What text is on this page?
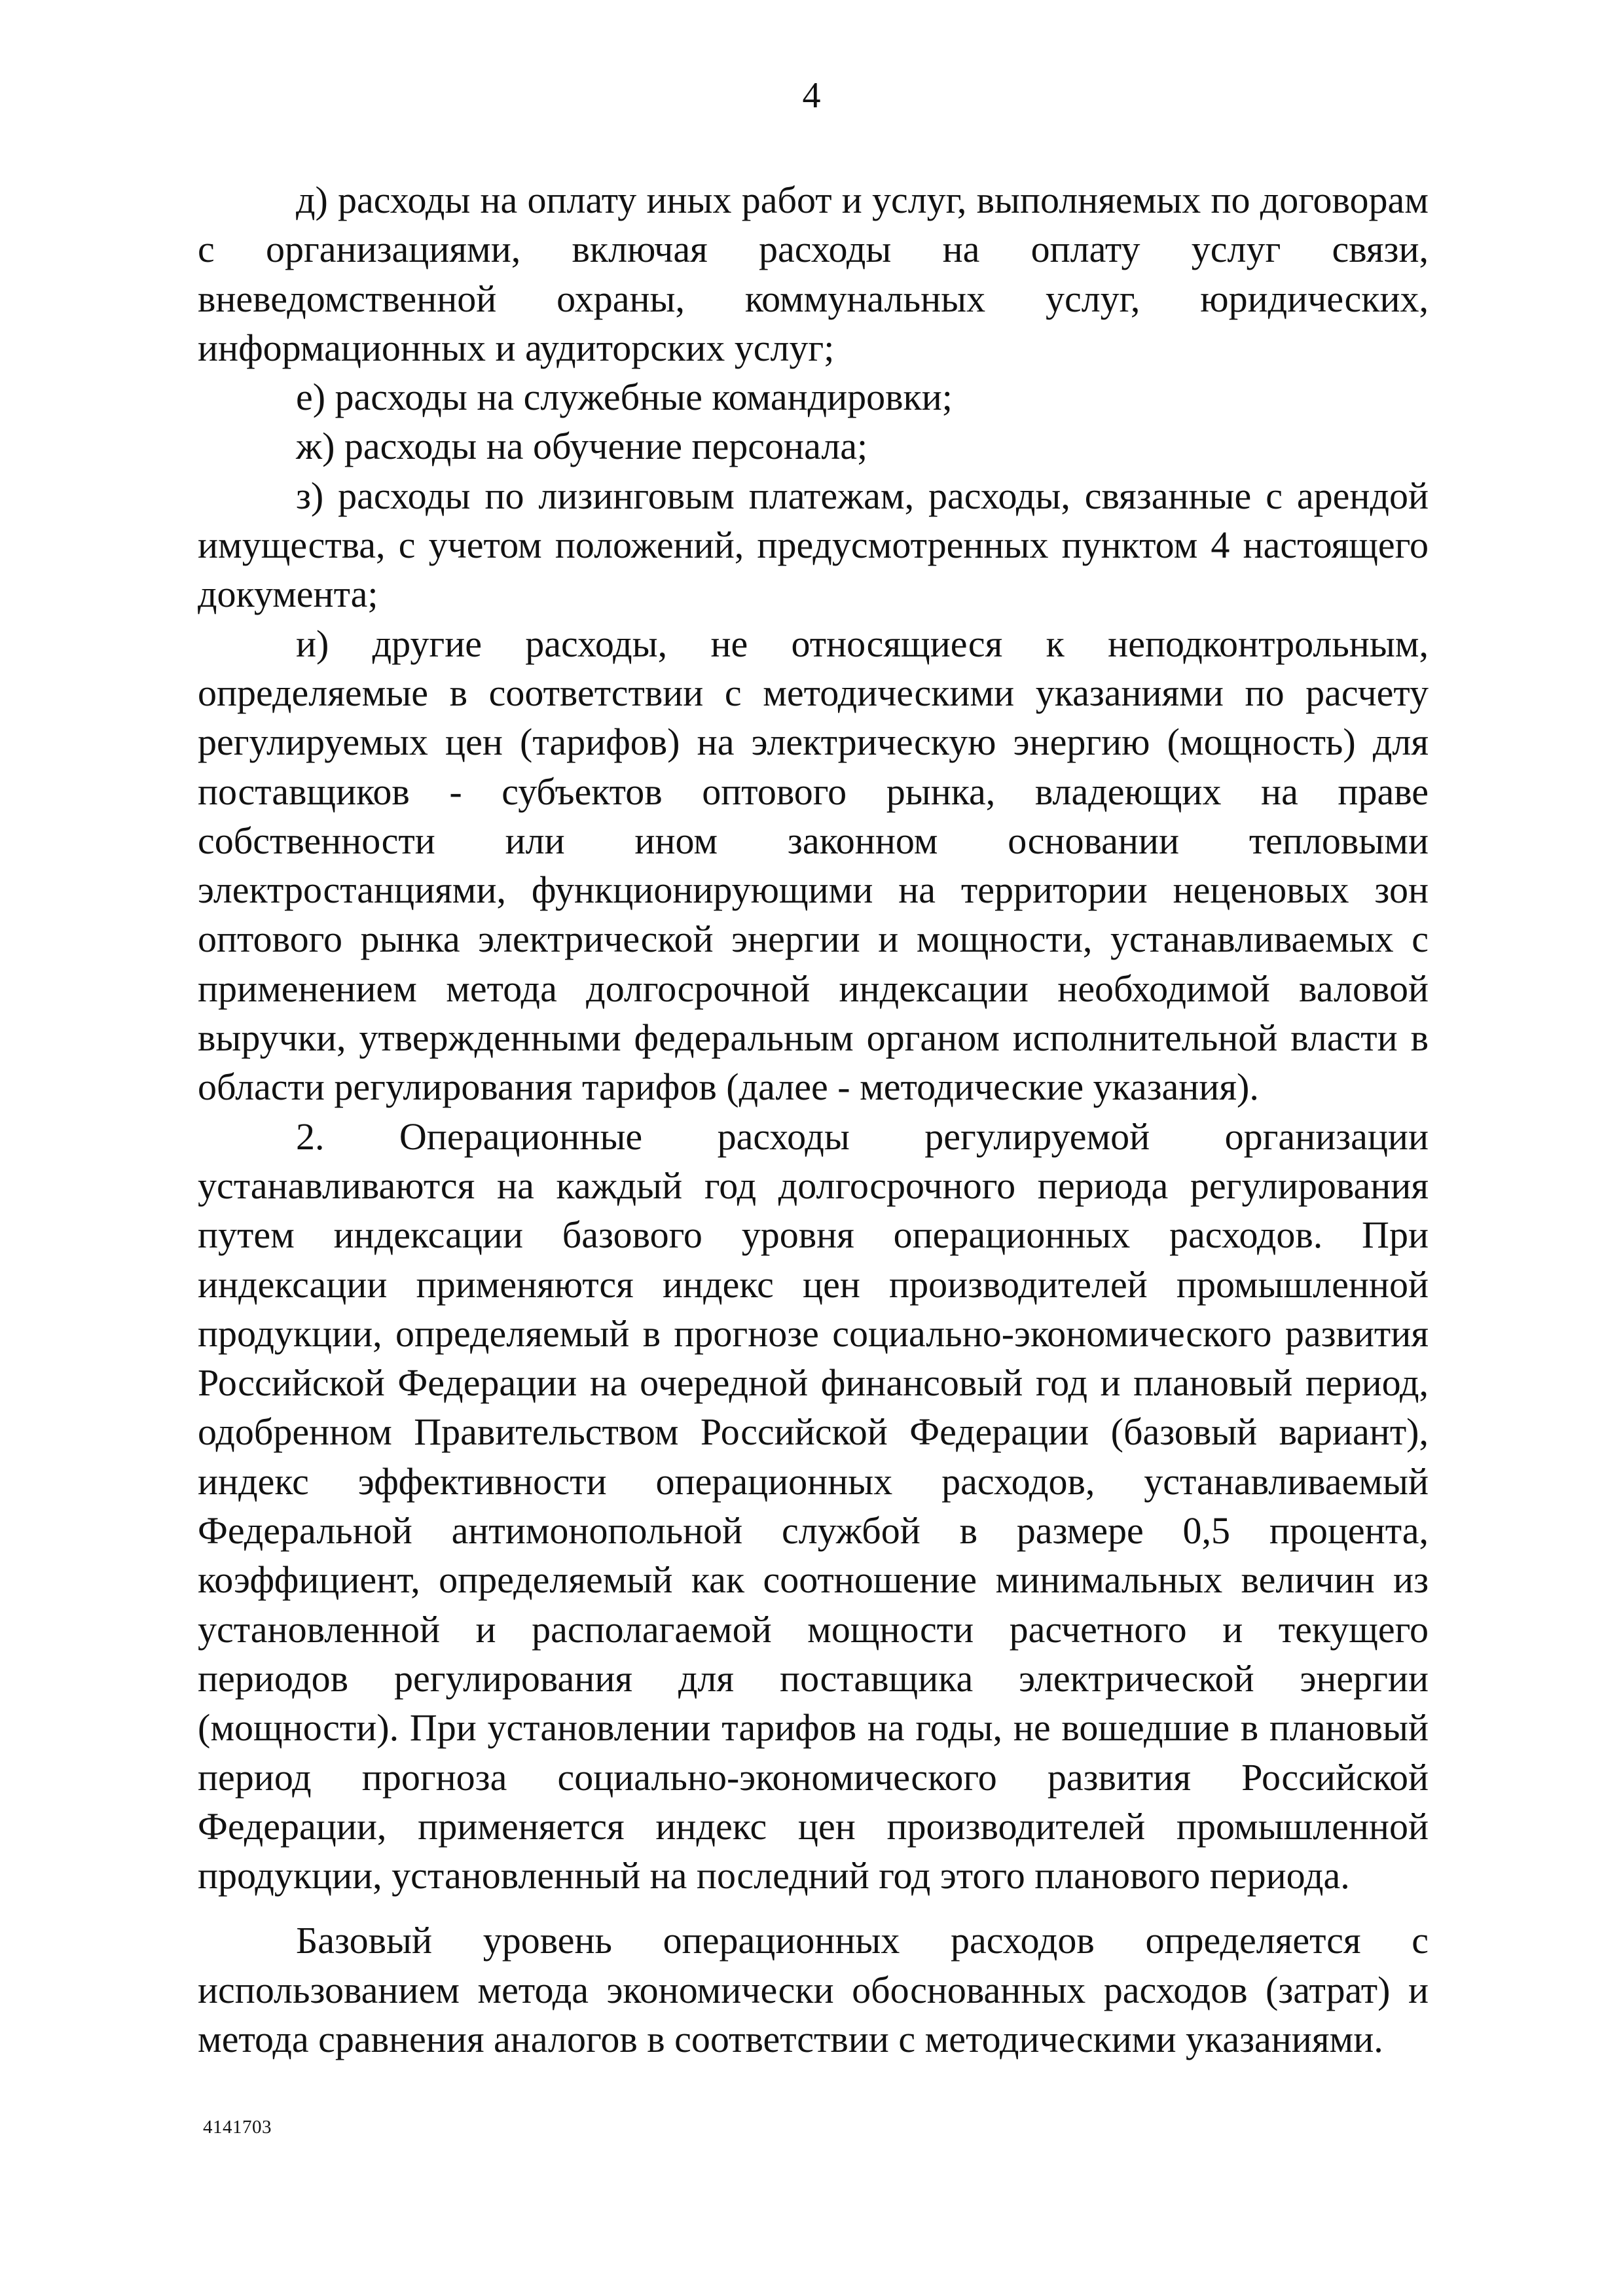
4

д) расходы на оплату иных работ и услуг, выполняемых по договорам с организациями, включая расходы на оплату услуг связи, вневедомственной охраны, коммунальных услуг, юридических, информационных и аудиторских услуг;

е) расходы на служебные командировки;

ж) расходы на обучение персонала;

з) расходы по лизинговым платежам, расходы, связанные с арендой имущества, с учетом положений, предусмотренных пунктом 4 настоящего документа;

и) другие расходы, не относящиеся к неподконтрольным, определяемые в соответствии с методическими указаниями по расчету регулируемых цен (тарифов) на электрическую энергию (мощность) для поставщиков - субъектов оптового рынка, владеющих на праве собственности или ином законном основании тепловыми электростанциями, функционирующими на территории неценовых зон оптового рынка электрической энергии и мощности, устанавливаемых с применением метода долгосрочной индексации необходимой валовой выручки, утвержденными федеральным органом исполнительной власти в области регулирования тарифов (далее - методические указания).

2. Операционные расходы регулируемой организации устанавливаются на каждый год долгосрочного периода регулирования путем индексации базового уровня операционных расходов. При индексации применяются индекс цен производителей промышленной продукции, определяемый в прогнозе социально-экономического развития Российской Федерации на очередной финансовый год и плановый период, одобренном Правительством Российской Федерации (базовый вариант), индекс эффективности операционных расходов, устанавливаемый Федеральной антимонопольной службой в размере 0,5 процента, коэффициент, определяемый как соотношение минимальных величин из установленной и располагаемой мощности расчетного и текущего периодов регулирования для поставщика электрической энергии (мощности). При установлении тарифов на годы, не вошедшие в плановый период прогноза социально-экономического развития Российской Федерации, применяется индекс цен производителей промышленной продукции, установленный на последний год этого планового периода.

Базовый уровень операционных расходов определяется с использованием метода экономически обоснованных расходов (затрат) и метода сравнения аналогов в соответствии с методическими указаниями.

4141703
